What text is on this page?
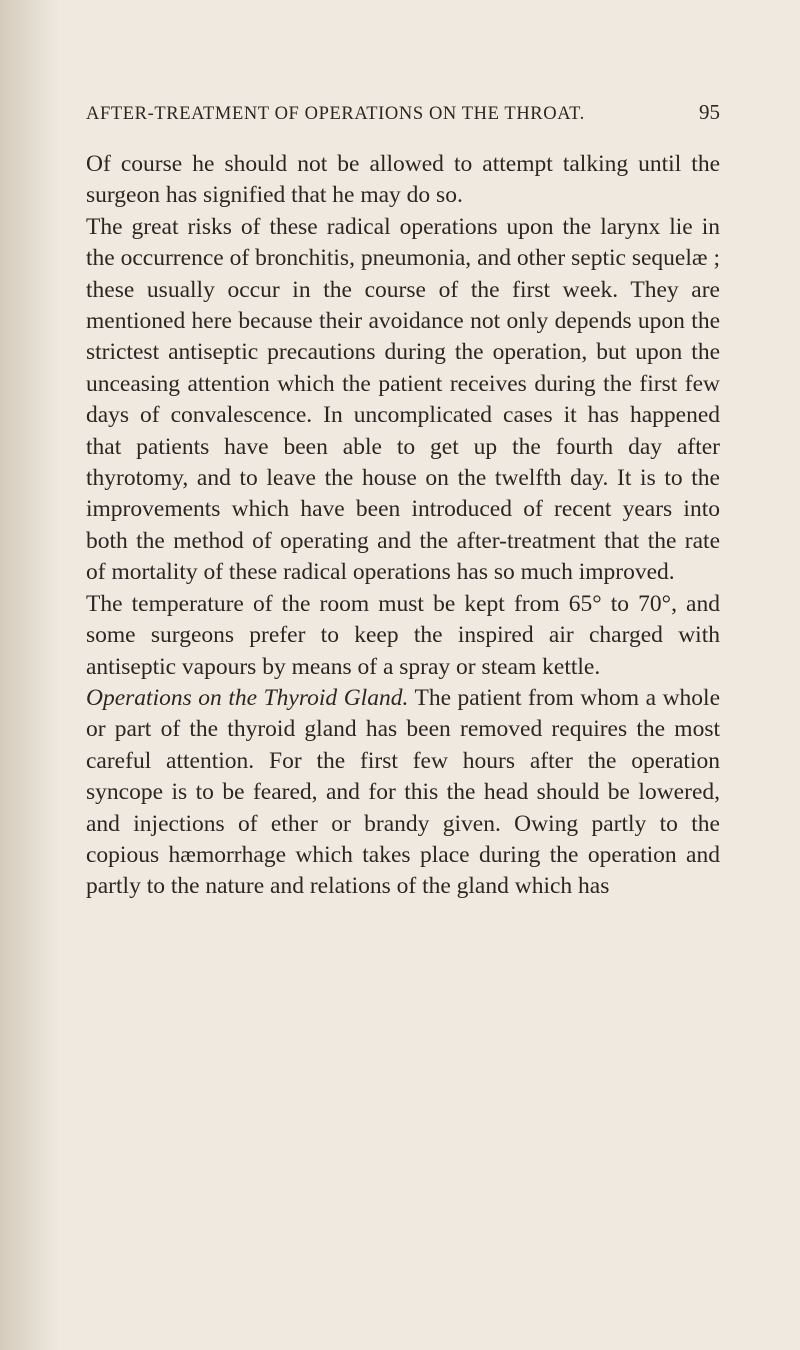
AFTER-TREATMENT OF OPERATIONS ON THE THROAT.	95

Of course he should not be allowed to attempt talking until the surgeon has signified that he may do so.

The great risks of these radical operations upon the larynx lie in the occurrence of bronchitis, pneumonia, and other septic sequelæ ; these usually occur in the course of the first week. They are mentioned here because their avoidance not only depends upon the strictest antiseptic precautions during the operation, but upon the unceasing attention which the patient receives during the first few days of convalescence. In uncomplicated cases it has happened that patients have been able to get up the fourth day after thyrotomy, and to leave the house on the twelfth day. It is to the improvements which have been introduced of recent years into both the method of operating and the after-treatment that the rate of mortality of these radical operations has so much improved.

The temperature of the room must be kept from 65° to 70°, and some surgeons prefer to keep the inspired air charged with antiseptic vapours by means of a spray or steam kettle.

Operations on the Thyroid Gland. The patient from whom a whole or part of the thyroid gland has been removed requires the most careful attention. For the first few hours after the operation syncope is to be feared, and for this the head should be lowered, and injections of ether or brandy given. Owing partly to the copious hæmorrhage which takes place during the operation and partly to the nature and relations of the gland which has
